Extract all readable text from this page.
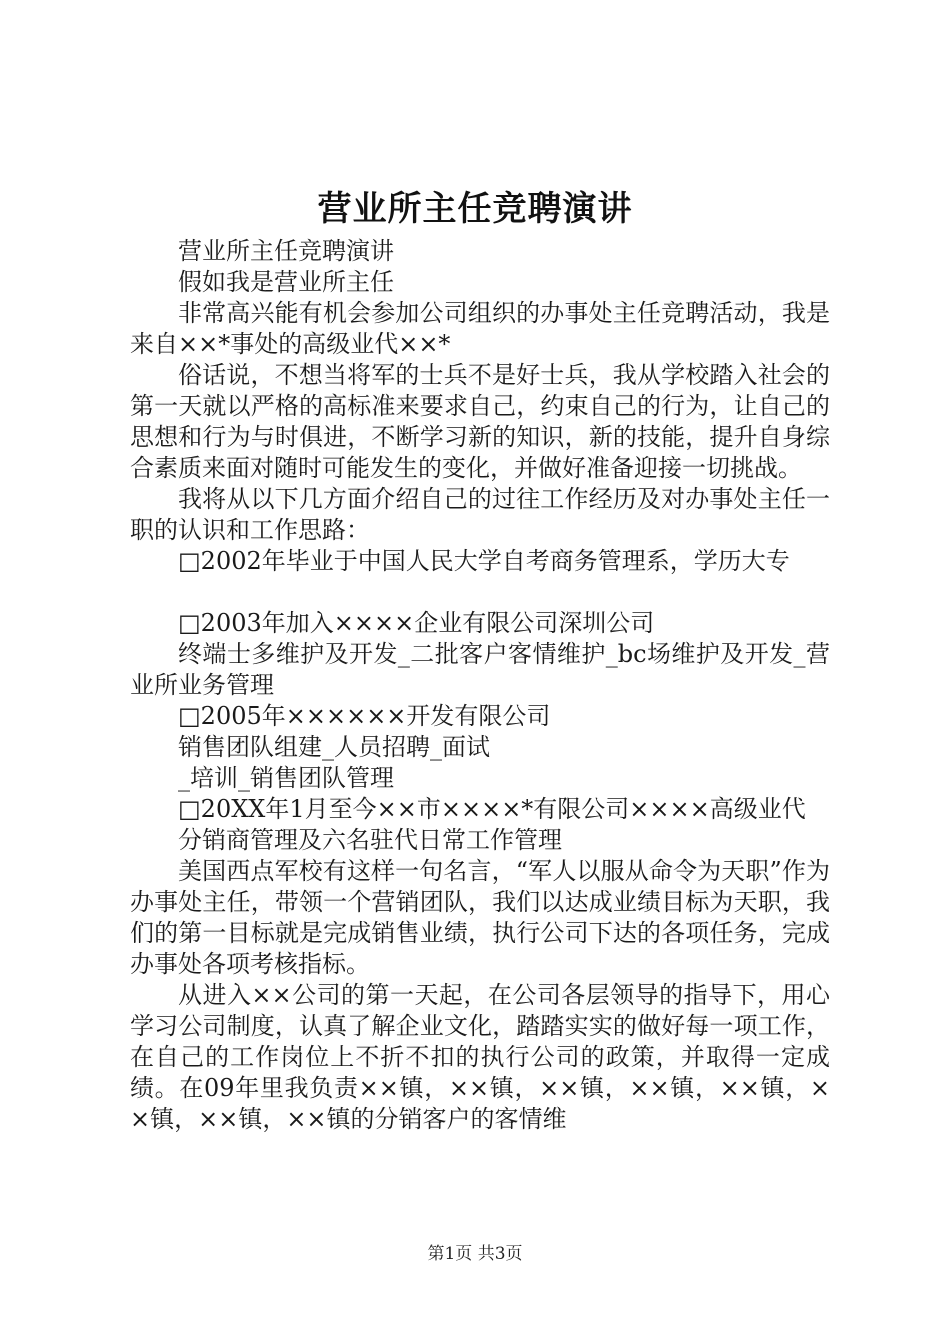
营业所主任竞聘演讲

营业所主任竞聘演讲

假如我是营业所主任

非常高兴能有机会参加公司组织的办事处主任竞聘活动，我是来自××*事处的高级业代××*

俗话说，不想当将军的士兵不是好士兵，我从学校踏入社会的第一天就以严格的高标准来要求自己，约束自己的行为，让自己的思想和行为与时俱进，不断学习新的知识，新的技能，提升自身综合素质来面对随时可能发生的变化，并做好准备迎接一切挑战。

我将从以下几方面介绍自己的过往工作经历及对办事处主任一职的认识和工作思路：

□2002年毕业于中国人民大学自考商务管理系，学历大专

□2003年加入××××企业有限公司深圳公司

终端士多维护及开发_二批客户客情维护_bc场维护及开发_营业所业务管理

□2005年××××××开发有限公司

销售团队组建_人员招聘_面试

_培训_销售团队管理

□20XX年1月至今××市××××*有限公司××××高级业代

分销商管理及六名驻代日常工作管理

美国西点军校有这样一句名言，“军人以服从命令为天职”作为办事处主任，带领一个营销团队，我们以达成业绩目标为天职，我们的第一目标就是完成销售业绩，执行公司下达的各项任务，完成办事处各项考核指标。

从进入××公司的第一天起，在公司各层领导的指导下，用心学习公司制度，认真了解企业文化，踏踏实实的做好每一项工作，在自己的工作岗位上不折不扣的执行公司的政策，并取得一定成绩。在09年里我负责××镇，××镇，××镇，××镇，××镇，××镇，××镇，××镇的分销客户的客情维

第1页 共3页
